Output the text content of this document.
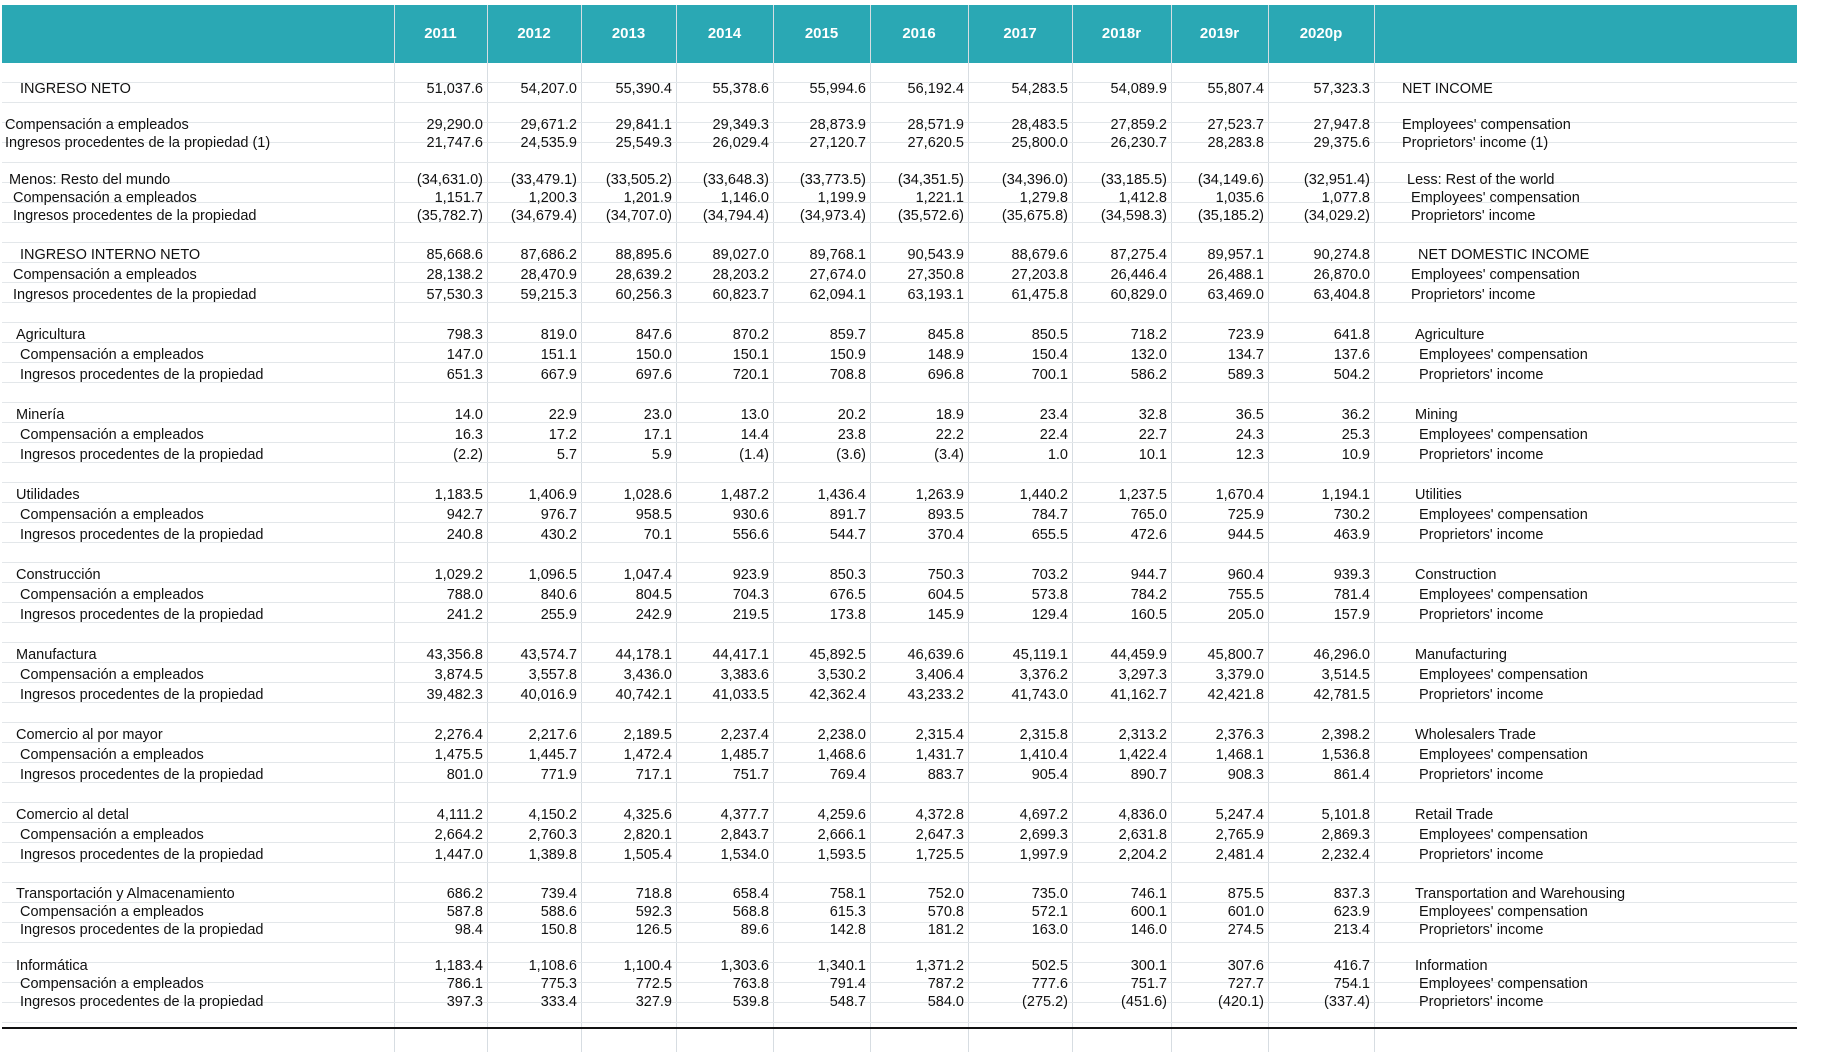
2011	2012	2013	2014	2015	2016	2017	2018r	2019r	2020p
INGRESO NETO	51,037.6	54,207.0	55,390.4	55,378.6	55,994.6	56,192.4	54,283.5	54,089.9	55,807.4	57,323.3 NET INCOME
Compensación a empleados	29,290.0	29,671.2	29,841.1	29,349.3	28,873.9	28,571.9	28,483.5	27,859.2	27,523.7	27,947.8 Employees' compensation
Ingresos procedentes de la propiedad (1)	21,747.6	24,535.9	25,549.3	26,029.4	27,120.7	27,620.5	25,800.0	26,230.7	28,283.8	29,375.6 Proprietors' income (1)
Menos: Resto del mundo	(34,631.0)	(33,479.1)	(33,505.2)	(33,648.3)	(33,773.5)	(34,351.5)	(34,396.0)	(33,185.5)	(34,149.6)	(32,951.4)	Less: Rest of the world
Compensación a empleados	1,151.7	1,200.3	1,201.9	1,146.0	1,199.9	1,221.1	1,279.8	1,412.8	1,035.6	1,077.8	Employees' compensation
Ingresos procedentes de la propiedad	(35,782.7)	(34,679.4)	(34,707.0)	(34,794.4)	(34,973.4)	(35,572.6)	(35,675.8)	(34,598.3)	(35,185.2)	(34,029.2)	Proprietors' income
INGRESO INTERNO NETO	85,668.6	87,686.2	88,895.6	89,027.0	89,768.1	90,543.9	88,679.6	87,275.4	89,957.1	90,274.8	NET DOMESTIC INCOME
Compensación a empleados	28,138.2	28,470.9	28,639.2	28,203.2	27,674.0	27,350.8	27,203.8	26,446.4	26,488.1	26,870.0	Employees' compensation
Ingresos procedentes de la propiedad	57,530.3	59,215.3	60,256.3	60,823.7	62,094.1	63,193.1	61,475.8	60,829.0	63,469.0	63,404.8	Proprietors' income
Agricultura	798.3	819.0	847.6	870.2	859.7	845.8	850.5	718.2	723.9	641.8	Agriculture
Compensación a empleados	147.0	151.1	150.0	150.1	150.9	148.9	150.4	132.0	134.7	137.6	Employees' compensation
Ingresos procedentes de la propiedad	651.3	667.9	697.6	720.1	708.8	696.8	700.1	586.2	589.3	504.2	Proprietors' income
Minería	14.0	22.9	23.0	13.0	20.2	18.9	23.4	32.8	36.5	36.2	Mining
Compensación a empleados	16.3	17.2	17.1	14.4	23.8	22.2	22.4	22.7	24.3	25.3	Employees' compensation
Ingresos procedentes de la propiedad	(2.2)	5.7	5.9	(1.4)	(3.6)	(3.4)	1.0	10.1	12.3	10.9	Proprietors' income
Utilidades	1,183.5	1,406.9	1,028.6	1,487.2	1,436.4	1,263.9	1,440.2	1,237.5	1,670.4	1,194.1	Utilities
Compensación a empleados	942.7	976.7	958.5	930.6	891.7	893.5	784.7	765.0	725.9	730.2	Employees' compensation
Ingresos procedentes de la propiedad	240.8	430.2	70.1	556.6	544.7	370.4	655.5	472.6	944.5	463.9	Proprietors' income
Construcción	1,029.2	1,096.5	1,047.4	923.9	850.3	750.3	703.2	944.7	960.4	939.3	Construction
Compensación a empleados	788.0	840.6	804.5	704.3	676.5	604.5	573.8	784.2	755.5	781.4	Employees' compensation
Ingresos procedentes de la propiedad	241.2	255.9	242.9	219.5	173.8	145.9	129.4	160.5	205.0	157.9	Proprietors' income
Manufactura	43,356.8	43,574.7	44,178.1	44,417.1	45,892.5	46,639.6	45,119.1	44,459.9	45,800.7	46,296.0	Manufacturing
Compensación a empleados	3,874.5	3,557.8	3,436.0	3,383.6	3,530.2	3,406.4	3,376.2	3,297.3	3,379.0	3,514.5	Employees' compensation
Ingresos procedentes de la propiedad	39,482.3	40,016.9	40,742.1	41,033.5	42,362.4	43,233.2	41,743.0	41,162.7	42,421.8	42,781.5	Proprietors' income
Comercio al por mayor	2,276.4	2,217.6	2,189.5	2,237.4	2,238.0	2,315.4	2,315.8	2,313.2	2,376.3	2,398.2	Wholesalers Trade
Compensación a empleados	1,475.5	1,445.7	1,472.4	1,485.7	1,468.6	1,431.7	1,410.4	1,422.4	1,468.1	1,536.8	Employees' compensation
Ingresos procedentes de la propiedad	801.0	771.9	717.1	751.7	769.4	883.7	905.4	890.7	908.3	861.4	Proprietors' income
Comercio al detal	4,111.2	4,150.2	4,325.6	4,377.7	4,259.6	4,372.8	4,697.2	4,836.0	5,247.4	5,101.8	Retail Trade
Compensación a empleados	2,664.2	2,760.3	2,820.1	2,843.7	2,666.1	2,647.3	2,699.3	2,631.8	2,765.9	2,869.3	Employees' compensation
Ingresos procedentes de la propiedad	1,447.0	1,389.8	1,505.4	1,534.0	1,593.5	1,725.5	1,997.9	2,204.2	2,481.4	2,232.4	Proprietors' income
Transportación y Almacenamiento	686.2	739.4	718.8	658.4	758.1	752.0	735.0	746.1	875.5	837.3	Transportation and Warehousing
Compensación a empleados	587.8	588.6	592.3	568.8	615.3	570.8	572.1	600.1	601.0	623.9	Employees' compensation
Ingresos procedentes de la propiedad	98.4	150.8	126.5	89.6	142.8	181.2	163.0	146.0	274.5	213.4	Proprietors' income
Informática	1,183.4	1,108.6	1,100.4	1,303.6	1,340.1	1,371.2	502.5	300.1	307.6	416.7	Information
Compensación a empleados	786.1	775.3	772.5	763.8	791.4	787.2	777.6	751.7	727.7	754.1	Employees' compensation
Ingresos procedentes de la propiedad	397.3	333.4	327.9	539.8	548.7	584.0	(275.2)	(451.6)	(420.1)	(337.4)	Proprietors' income
